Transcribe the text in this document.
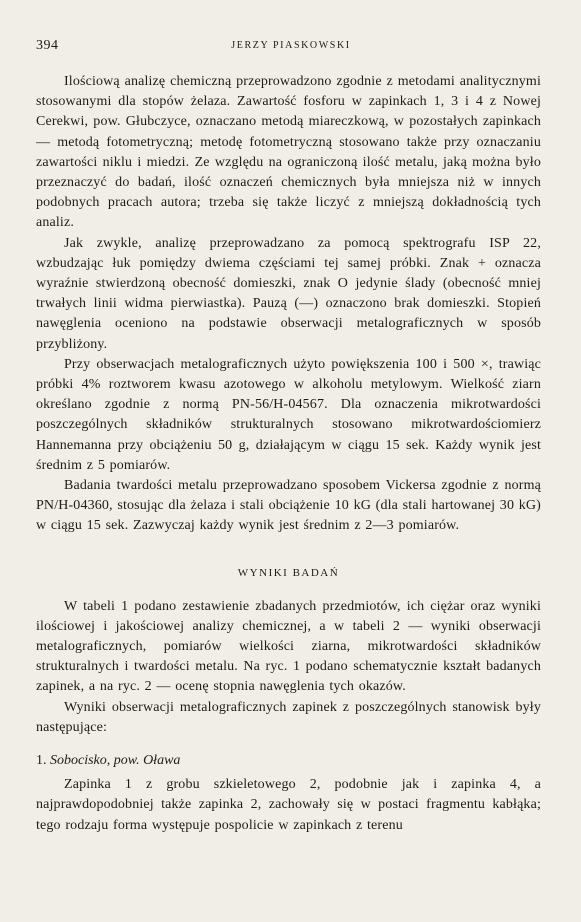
394	JERZY PIASKOWSKI

Ilościową analizę chemiczną przeprowadzono zgodnie z metodami analitycznymi stosowanymi dla stopów żelaza. Zawartość fosforu w zapinkach 1, 3 i 4 z Nowej Cerekwi, pow. Głubczyce, oznaczano metodą miareczkową, w pozostałych zapinkach — metodą fotometryczną; metodę fotometryczną stosowano także przy oznaczaniu zawartości niklu i miedzi. Ze względu na ograniczoną ilość metalu, jaką można było przeznaczyć do badań, ilość oznaczeń chemicznych była mniejsza niż w innych podobnych pracach autora; trzeba się także liczyć z mniejszą dokładnością tych analiz.

Jak zwykle, analizę przeprowadzano za pomocą spektrografu ISP 22, wzbudzając łuk pomiędzy dwiema częściami tej samej próbki. Znak + oznacza wyraźnie stwierdzoną obecność domieszki, znak O jedynie ślady (obecność mniej trwałych linii widma pierwiastka). Pauzą (—) oznaczono brak domieszki. Stopień nawęglenia oceniono na podstawie obserwacji metalograficznych w sposób przybliżony.

Przy obserwacjach metalograficznych użyto powiększenia 100 i 500 ×, trawiąc próbki 4% roztworem kwasu azotowego w alkoholu metylowym. Wielkość ziarn określano zgodnie z normą PN-56/H-04567. Dla oznaczenia mikrotwardości poszczególnych składników strukturalnych stosowano mikrotwardościomierz Hannemanna przy obciążeniu 50 g, działającym w ciągu 15 sek. Każdy wynik jest średnim z 5 pomiarów.

Badania twardości metalu przeprowadzano sposobem Vickersa zgodnie z normą PN/H-04360, stosując dla żelaza i stali obciążenie 10 kG (dla stali hartowanej 30 kG) w ciągu 15 sek. Zazwyczaj każdy wynik jest średnim z 2—3 pomiarów.

WYNIKI BADAŃ

W tabeli 1 podano zestawienie zbadanych przedmiotów, ich ciężar oraz wyniki ilościowej i jakościowej analizy chemicznej, a w tabeli 2 — wyniki obserwacji metalograficznych, pomiarów wielkości ziarna, mikrotwardości składników strukturalnych i twardości metalu. Na ryc. 1 podano schematycznie kształt badanych zapinek, a na ryc. 2 — ocenę stopnia nawęglenia tych okazów.

Wyniki obserwacji metalograficznych zapinek z poszczególnych stanowisk były następujące:

1. Sobocisko, pow. Oława

Zapinka 1 z grobu szkieletowego 2, podobnie jak i zapinka 4, a najprawdopodobniej także zapinka 2, zachowały się w postaci fragmentu kabłąka; tego rodzaju forma występuje pospolicie w zapinkach z terenu
